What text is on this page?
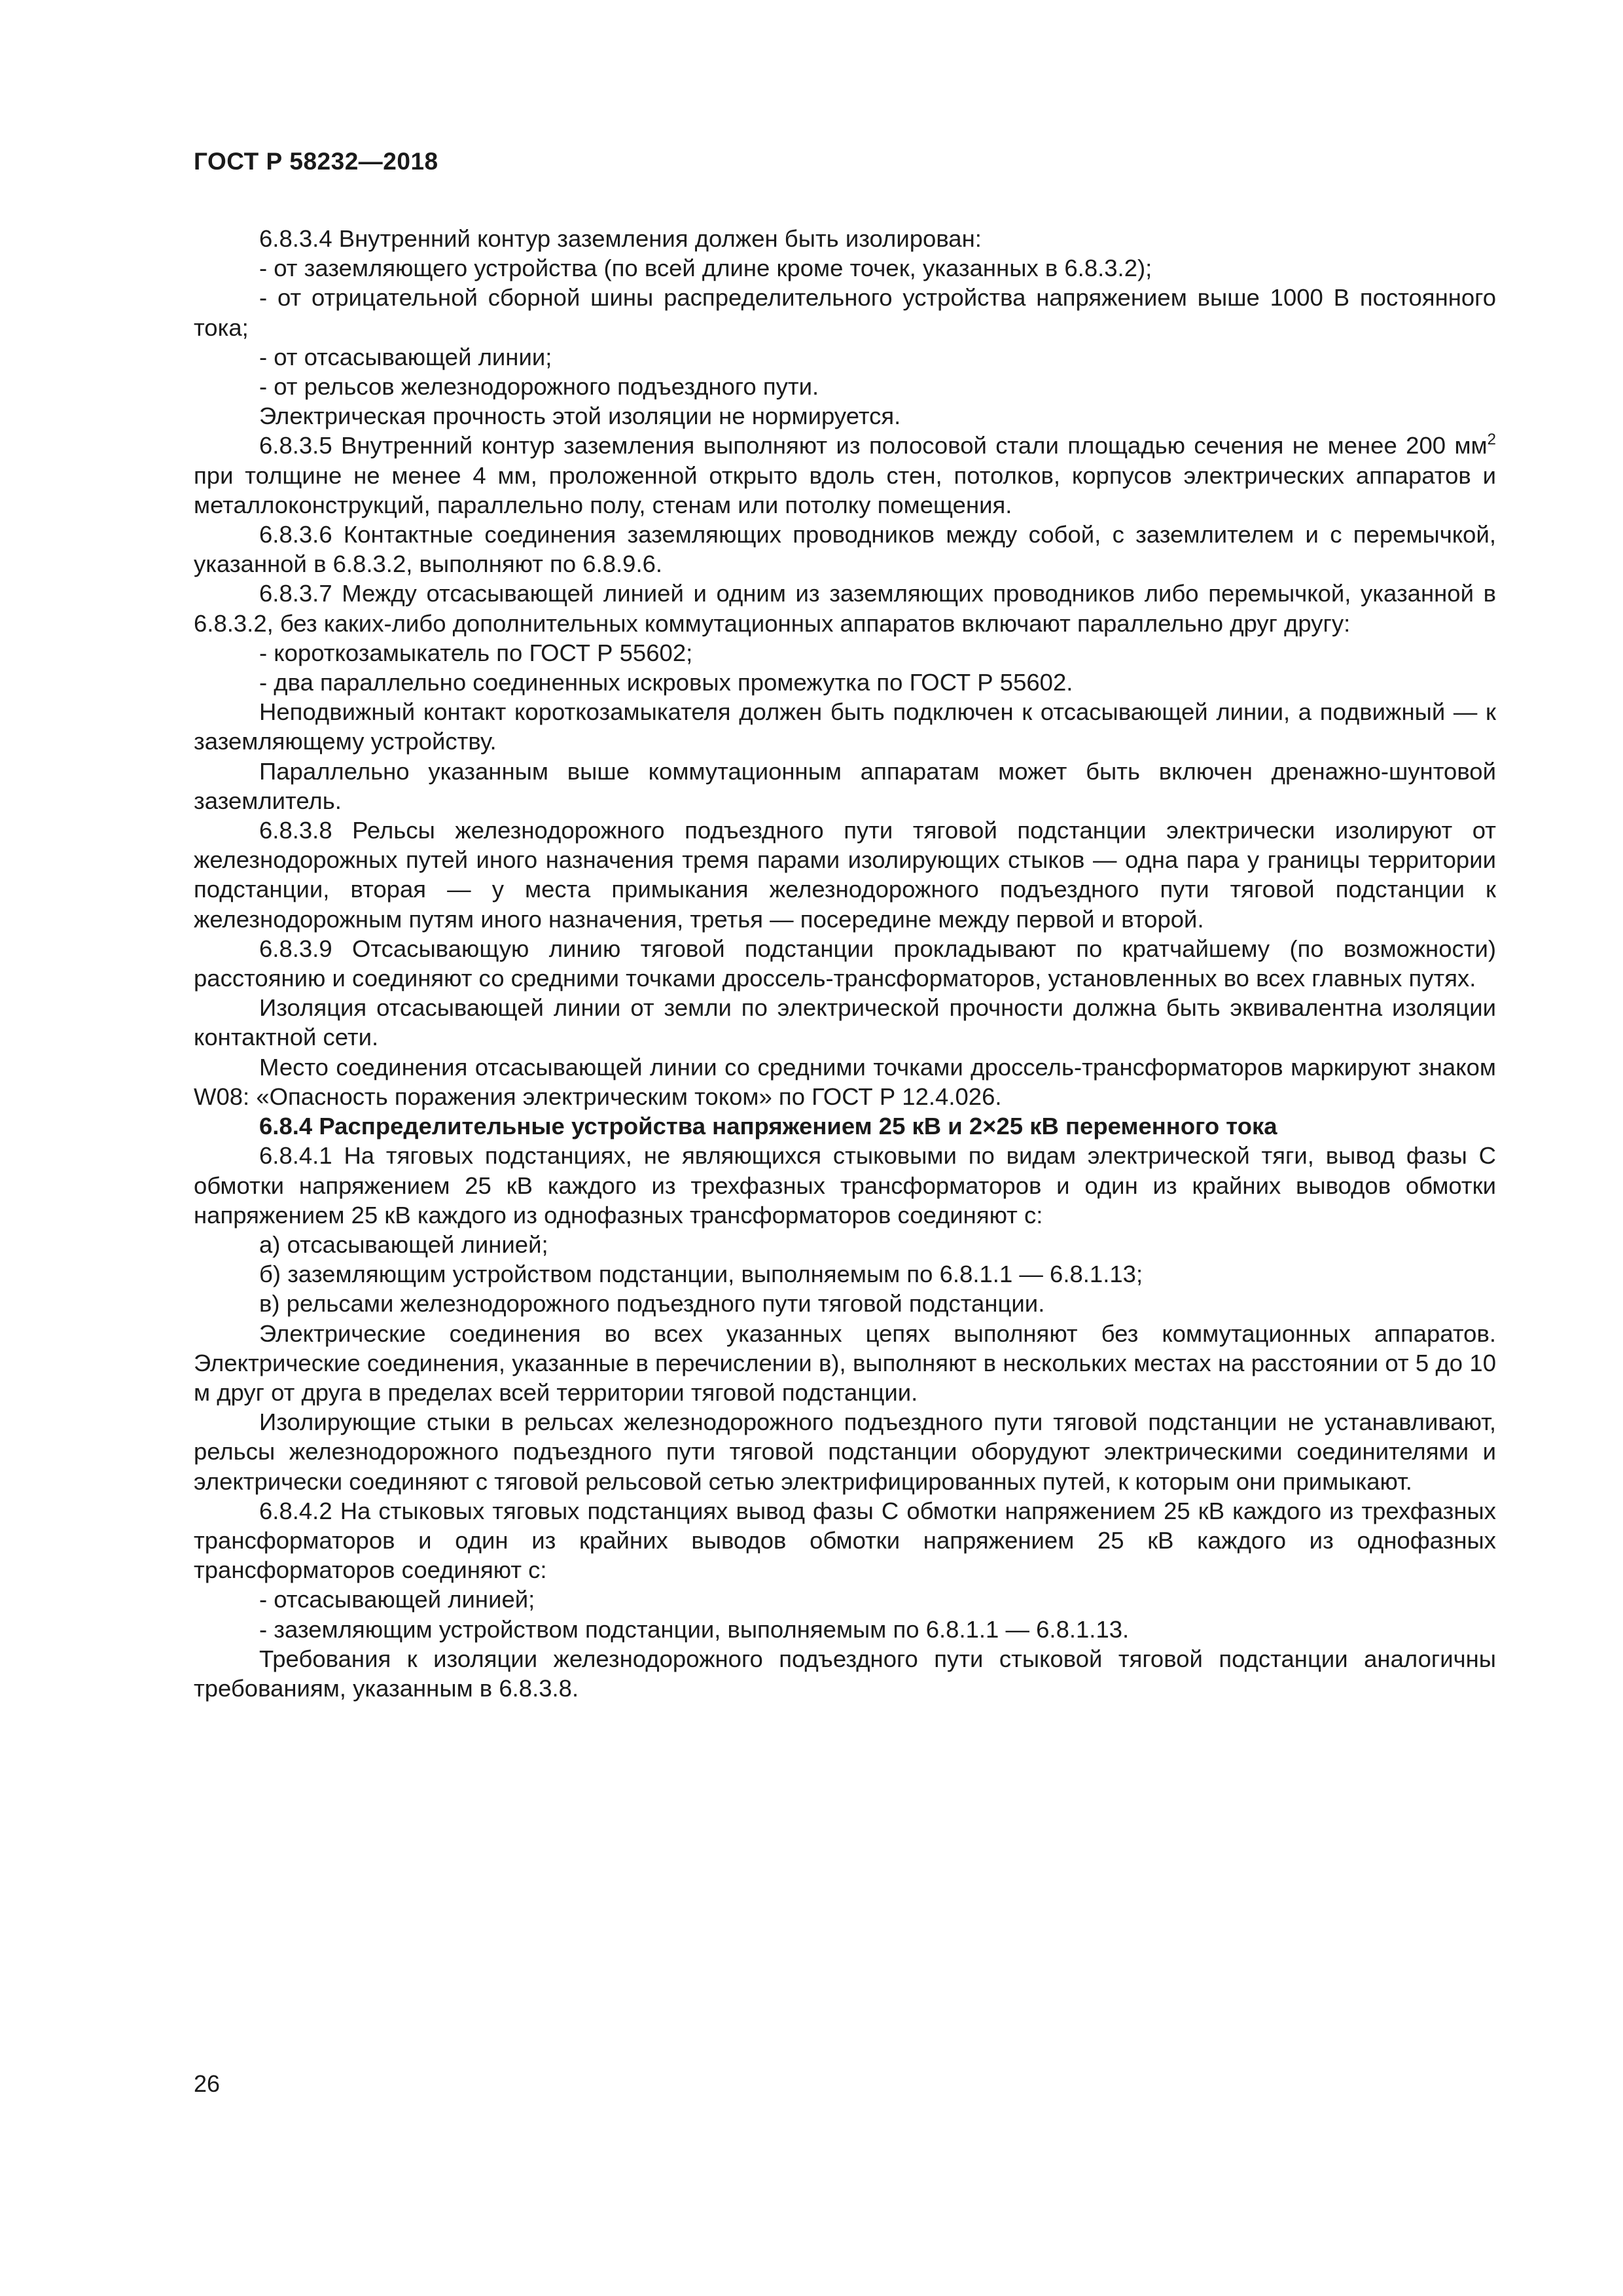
ГОСТ Р 58232—2018

6.8.3.4 Внутренний контур заземления должен быть изолирован:

- от заземляющего устройства (по всей длине кроме точек, указанных в 6.8.3.2);

- от отрицательной сборной шины распределительного устройства напряжением выше 1000 В постоянного тока;

- от отсасывающей линии;

- от рельсов железнодорожного подъездного пути.

Электрическая прочность этой изоляции не нормируется.

6.8.3.5 Внутренний контур заземления выполняют из полосовой стали площадью сечения не менее 200 $мм^2$ при толщине не менее 4 мм, проложенной открыто вдоль стен, потолков, корпусов электрических аппаратов и металлоконструкций, параллельно полу, стенам или потолку помещения.

6.8.3.6 Контактные соединения заземляющих проводников между собой, с заземлителем и с перемычкой, указанной в 6.8.3.2, выполняют по 6.8.9.6.

6.8.3.7 Между отсасывающей линией и одним из заземляющих проводников либо перемычкой, указанной в 6.8.3.2, без каких-либо дополнительных коммутационных аппаратов включают параллельно друг другу:

- короткозамыкатель по ГОСТ Р 55602;

- два параллельно соединенных искровых промежутка по ГОСТ Р 55602.

Неподвижный контакт короткозамыкателя должен быть подключен к отсасывающей линии, а подвижный — к заземляющему устройству.

Параллельно указанным выше коммутационным аппаратам может быть включен дренажно-шунтовой заземлитель.

6.8.3.8 Рельсы железнодорожного подъездного пути тяговой подстанции электрически изолируют от железнодорожных путей иного назначения тремя парами изолирующих стыков — одна пара у границы территории подстанции, вторая — у места примыкания железнодорожного подъездного пути тяговой подстанции к железнодорожным путям иного назначения, третья — посередине между первой и второй.

6.8.3.9 Отсасывающую линию тяговой подстанции прокладывают по кратчайшему (по возможности) расстоянию и соединяют со средними точками дроссель-трансформаторов, установленных во всех главных путях.

Изоляция отсасывающей линии от земли по электрической прочности должна быть эквивалентна изоляции контактной сети.

Место соединения отсасывающей линии со средними точками дроссель-трансформаторов маркируют знаком W08: «Опасность поражения электрическим током» по ГОСТ Р 12.4.026.

6.8.4 Распределительные устройства напряжением 25 кВ и 2×25 кВ переменного тока

6.8.4.1 На тяговых подстанциях, не являющихся стыковыми по видам электрической тяги, вывод фазы С обмотки напряжением 25 кВ каждого из трехфазных трансформаторов и один из крайних выводов обмотки напряжением 25 кВ каждого из однофазных трансформаторов соединяют с:

а) отсасывающей линией;

б) заземляющим устройством подстанции, выполняемым по 6.8.1.1 — 6.8.1.13;

в) рельсами железнодорожного подъездного пути тяговой подстанции.

Электрические соединения во всех указанных цепях выполняют без коммутационных аппаратов. Электрические соединения, указанные в перечислении в), выполняют в нескольких местах на расстоянии от 5 до 10 м друг от друга в пределах всей территории тяговой подстанции.

Изолирующие стыки в рельсах железнодорожного подъездного пути тяговой подстанции не устанавливают, рельсы железнодорожного подъездного пути тяговой подстанции оборудуют электрическими соединителями и электрически соединяют с тяговой рельсовой сетью электрифицированных путей, к которым они примыкают.

6.8.4.2 На стыковых тяговых подстанциях вывод фазы С обмотки напряжением 25 кВ каждого из трехфазных трансформаторов и один из крайних выводов обмотки напряжением 25 кВ каждого из однофазных трансформаторов соединяют с:

- отсасывающей линией;

- заземляющим устройством подстанции, выполняемым по 6.8.1.1 — 6.8.1.13.

Требования к изоляции железнодорожного подъездного пути стыковой тяговой подстанции аналогичны требованиям, указанным в 6.8.3.8.

26
